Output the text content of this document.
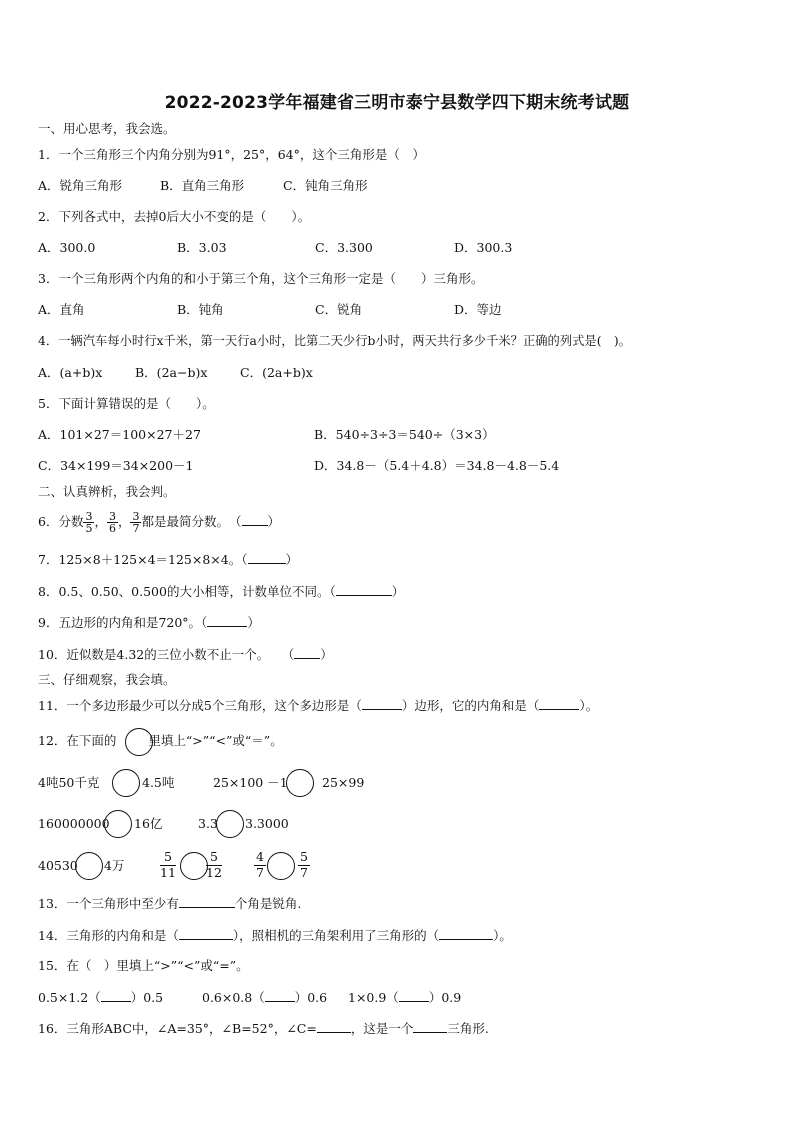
2022-2023学年福建省三明市泰宁县数学四下期末统考试题
一、用心思考，我会选。
1．一个三角形三个内角分别为91°，25°，64°，这个三角形是（　）
A．锐角三角形	B．直角三角形	C．钝角三角形
2．下列各式中，去掉0后大小不变的是（　　）。
A．300.0	B．3.03	C．3.300	D．300.3
3．一个三角形两个内角的和小于第三个角，这个三角形一定是（　　）三角形。
A．直角	B．钝角	C．锐角	D．等边
4．一辆汽车每小时行x千米，第一天行a小时，比第二天少行b小时，两天共行多少千米？正确的列式是(　)。
A．(a+b)x	B．(2a−b)x	C．(2a+b)x
5．下面计算错误的是（　　）。
A．101×27＝100×27＋27	B．540÷3÷3＝540÷（3×3）
C．34×199＝34×200－1	D．34.8－（5.4＋4.8）＝34.8－4.8－5.4
二、认真辨析，我会判。
6．分数 $\frac{3}{5}$ ， $\frac{3}{6}$ ， $\frac{3}{7}$ 都是最简分数。　 （ ）
7．125×8＋125×4＝125×8×4。（	）
8．0.5、0.50、0.500的大小相等，计数单位不同。（	）
9．五边形的内角和是720°。（	）
10．近似数是4.32的三位小数不止一个。　　 （ ）
三、仔细观察，我会填。
11．一个多边形最少可以分成5个三角形，这个多边形是（	）边形，它的内角和是（	）。
12．在下面的	里填上“>”“<”或“＝”。
4吨50千克	4.5吨	25×100 －1	25×99
160000000 16亿	3.3 3.3000
40530 4万	$\frac{5}{11} \frac{5}{12}$	$\frac{4}{7}$	$\frac{5}{7}$
13．一个三角形中至少有	个角是锐角.
14．三角形的内角和是（	），照相机的三角架利用了三角形的（	）。
15．在（　）里填上“>”“<”或“=”。
0.5×1.2（ ）0.5	0.6×0.8（ ）0.6 1×0.9（ ）0.9
16．三角形ABC中，∠A=35°，∠B=52°，∠C=	，这是一个	三角形.
